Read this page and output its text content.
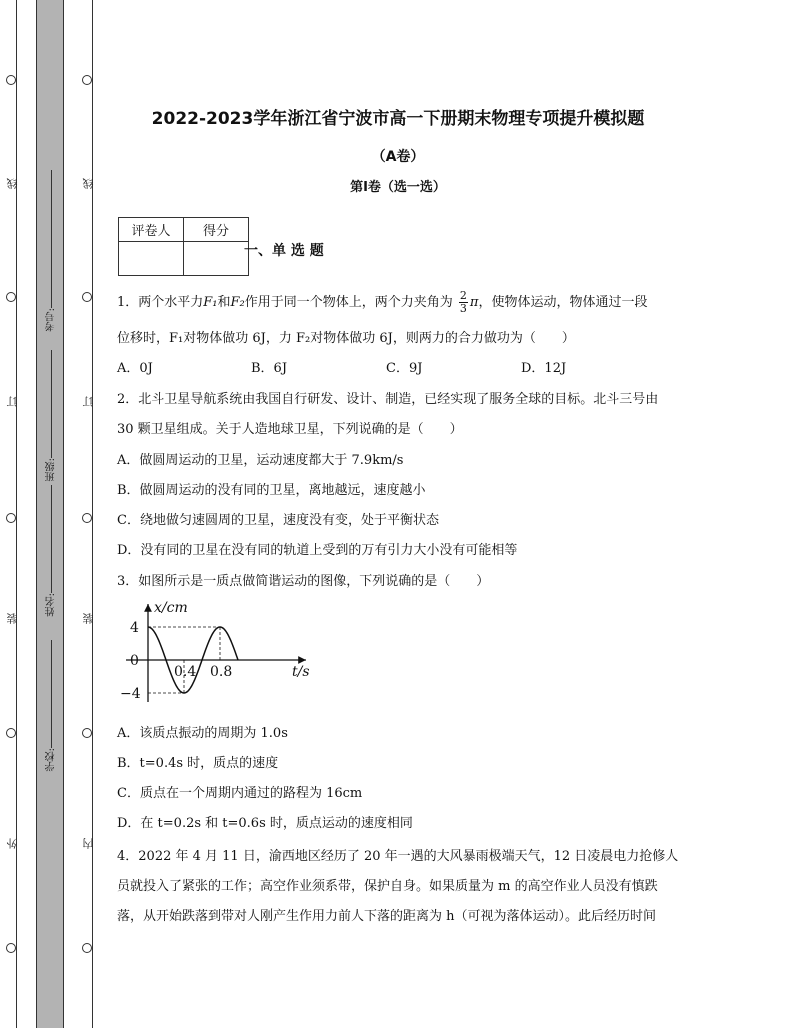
线
订
装
外
线
订
装
内
考号:
班级:
姓名:
学校:
2022-2023学年浙江省宁波市高一下册期末物理专项提升模拟题
（A卷）
第I卷（选一选）
评卷人	得分

一、单 选 题
1．两个水平力F₁和F₂作用于同一个物体上，两个力夹角为 $\frac{2}{3}$ π，使物体运动，物体通过一段
位移时，F₁对物体做功 6J，力 F₂对物体做功 6J，则两力的合力做功为（　　）
A．0J	B．6J	C．9J	D．12J
2．北斗卫星导航系统由我国自行研发、设计、制造，已经实现了服务全球的目标。北斗三号由
30 颗卫星组成。关于人造地球卫星，下列说确的是（　　）
A．做圆周运动的卫星，运动速度都大于 7.9km/s
B．做圆周运动的没有同的卫星，离地越远，速度越小
C．绕地做匀速圆周的卫星，速度没有变，处于平衡状态
D．没有同的卫星在没有同的轨道上受到的万有引力大小没有可能相等
3．如图所示是一质点做简谐运动的图像，下列说确的是（　　）
x/cm
t/s
4
0
−4
0.4 0.8
A．该质点振动的周期为 1.0s
B．t=0.4s 时，质点的速度
C．质点在一个周期内通过的路程为 16cm
D．在 t=0.2s 和 t=0.6s 时，质点运动的速度相同
4．2022 年 4 月 11 日，渝西地区经历了 20 年一遇的大风暴雨极端天气，12 日凌晨电力抢修人
员就投入了紧张的工作；高空作业须系带，保护自身。如果质量为 m 的高空作业人员没有慎跌
落，从开始跌落到带对人刚产生作用力前人下落的距离为 h（可视为落体运动）。此后经历时间
